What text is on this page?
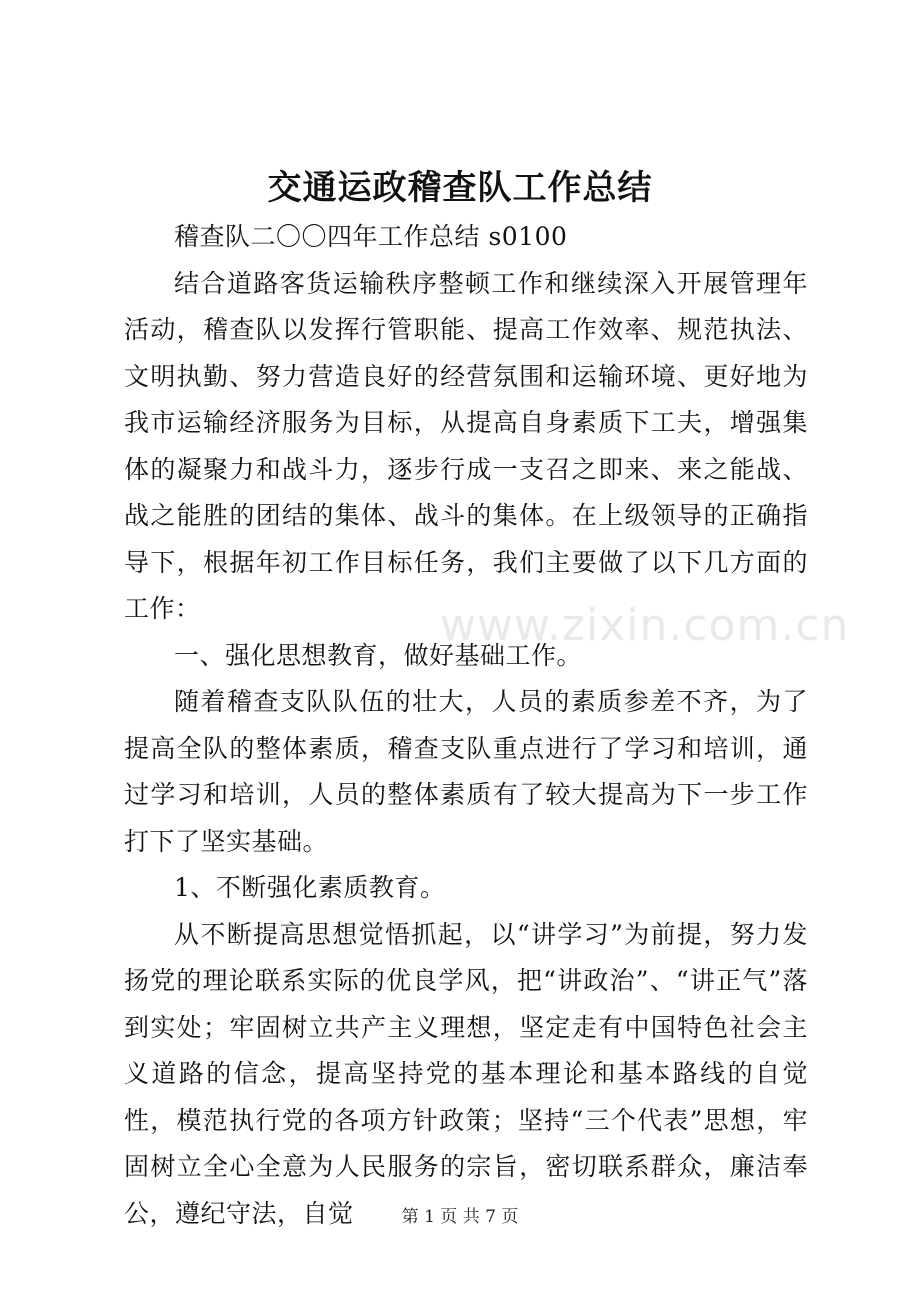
www.zixin.com.cn
交通运政稽查队工作总结

稽查队二〇〇四年工作总结 s0100

结合道路客货运输秩序整顿工作和继续深入开展管理年活动，稽查队以发挥行管职能、提高工作效率、规范执法、文明执勤、努力营造良好的经营氛围和运输环境、更好地为我市运输经济服务为目标，从提高自身素质下工夫，增强集体的凝聚力和战斗力，逐步行成一支召之即来、来之能战、战之能胜的团结的集体、战斗的集体。在上级领导的正确指导下，根据年初工作目标任务，我们主要做了以下几方面的工作：

一、强化思想教育，做好基础工作。

随着稽查支队队伍的壮大，人员的素质参差不齐，为了提高全队的整体素质，稽查支队重点进行了学习和培训，通过学习和培训，人员的整体素质有了较大提高为下一步工作打下了坚实基础。

1、不断强化素质教育。

从不断提高思想觉悟抓起，以“讲学习”为前提，努力发扬党的理论联系实际的优良学风，把“讲政治”、“讲正气”落到实处；牢固树立共产主义理想，坚定走有中国特色社会主义道路的信念，提高坚持党的基本理论和基本路线的自觉性，模范执行党的各项方针政策；坚持“三个代表”思想，牢固树立全心全意为人民服务的宗旨，密切联系群众，廉洁奉公，遵纪守法，自觉	第 1 页 共 7 页
